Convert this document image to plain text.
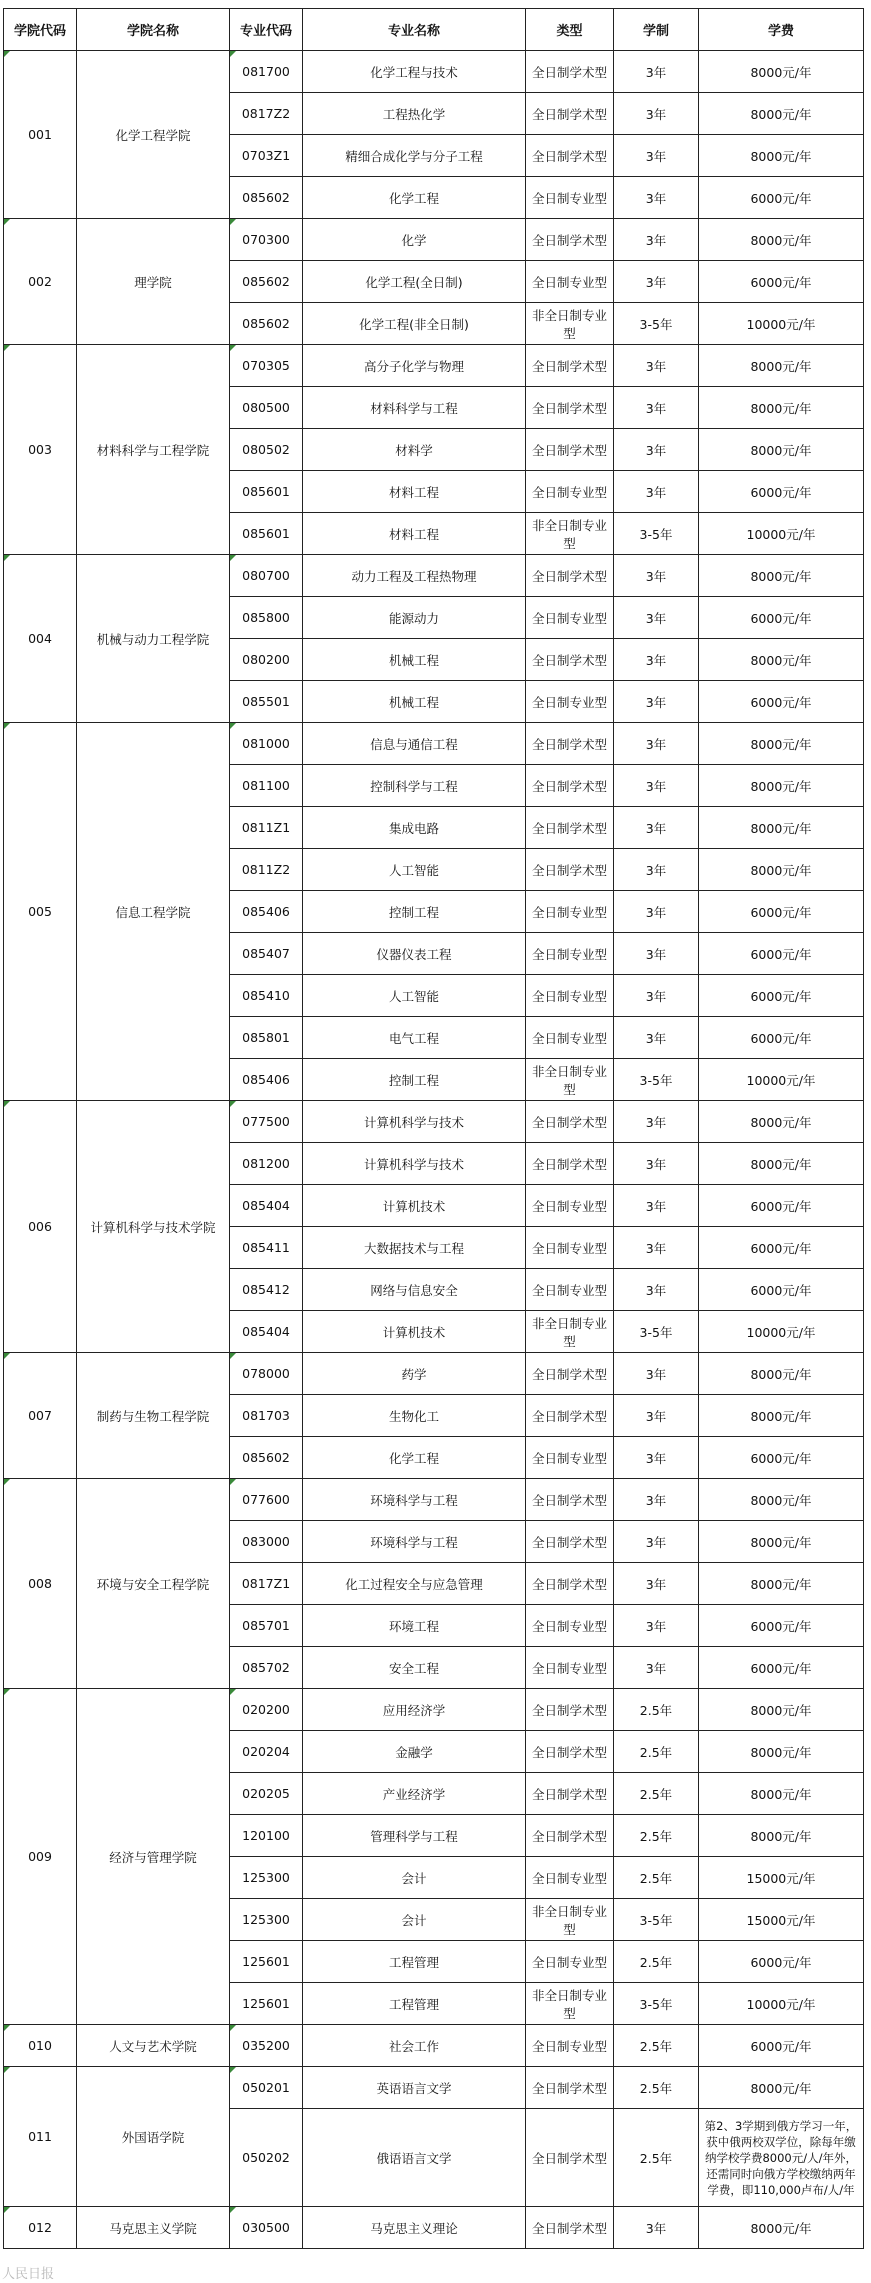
学院代码	学院名称	专业代码	专业名称	类型	学制	学费
001	化学工程学院	081700	化学工程与技术	全日制学术型	3年	8000元/年
		0817Z2	工程热化学	全日制学术型	3年	8000元/年
		0703Z1	精细合成化学与分子工程	全日制学术型	3年	8000元/年
		085602	化学工程	全日制专业型	3年	6000元/年
002	理学院	070300	化学	全日制学术型	3年	8000元/年
		085602	化学工程(全日制)	全日制专业型	3年	6000元/年
		085602	化学工程(非全日制)	非全日制专业型	3-5年	10000元/年
003	材料科学与工程学院	070305	高分子化学与物理	全日制学术型	3年	8000元/年
		080500	材料科学与工程	全日制学术型	3年	8000元/年
		080502	材料学	全日制学术型	3年	8000元/年
		085601	材料工程	全日制专业型	3年	6000元/年
		085601	材料工程	非全日制专业型	3-5年	10000元/年
004	机械与动力工程学院	080700	动力工程及工程热物理	全日制学术型	3年	8000元/年
		085800	能源动力	全日制专业型	3年	6000元/年
		080200	机械工程	全日制学术型	3年	8000元/年
		085501	机械工程	全日制专业型	3年	6000元/年
005	信息工程学院	081000	信息与通信工程	全日制学术型	3年	8000元/年
		081100	控制科学与工程	全日制学术型	3年	8000元/年
		0811Z1	集成电路	全日制学术型	3年	8000元/年
		0811Z2	人工智能	全日制学术型	3年	8000元/年
		085406	控制工程	全日制专业型	3年	6000元/年
		085407	仪器仪表工程	全日制专业型	3年	6000元/年
		085410	人工智能	全日制专业型	3年	6000元/年
		085801	电气工程	全日制专业型	3年	6000元/年
		085406	控制工程	非全日制专业型	3-5年	10000元/年
006	计算机科学与技术学院	077500	计算机科学与技术	全日制学术型	3年	8000元/年
		081200	计算机科学与技术	全日制学术型	3年	8000元/年
		085404	计算机技术	全日制专业型	3年	6000元/年
		085411	大数据技术与工程	全日制专业型	3年	6000元/年
		085412	网络与信息安全	全日制专业型	3年	6000元/年
		085404	计算机技术	非全日制专业型	3-5年	10000元/年
007	制药与生物工程学院	078000	药学	全日制学术型	3年	8000元/年
		081703	生物化工	全日制学术型	3年	8000元/年
		085602	化学工程	全日制专业型	3年	6000元/年
008	环境与安全工程学院	077600	环境科学与工程	全日制学术型	3年	8000元/年
		083000	环境科学与工程	全日制学术型	3年	8000元/年
		0817Z1	化工过程安全与应急管理	全日制学术型	3年	8000元/年
		085701	环境工程	全日制专业型	3年	6000元/年
		085702	安全工程	全日制专业型	3年	6000元/年
009	经济与管理学院	020200	应用经济学	全日制学术型	2.5年	8000元/年
		020204	金融学	全日制学术型	2.5年	8000元/年
		020205	产业经济学	全日制学术型	2.5年	8000元/年
		120100	管理科学与工程	全日制学术型	2.5年	8000元/年
		125300	会计	全日制专业型	2.5年	15000元/年
		125300	会计	非全日制专业型	3-5年	15000元/年
		125601	工程管理	全日制专业型	2.5年	6000元/年
		125601	工程管理	非全日制专业型	3-5年	10000元/年
010	人文与艺术学院	035200	社会工作	全日制专业型	2.5年	6000元/年
011	外国语学院	050201	英语语言文学	全日制学术型	2.5年	8000元/年
		050202	俄语语言文学	全日制学术型	2.5年	第2、3学期到俄方学习一年，获中俄两校双学位，除每年缴纳学校学费8000元/人/年外，还需同时向俄方学校缴纳两年学费，即110,000卢布/人/年
012	马克思主义学院	030500	马克思主义理论	全日制学术型	3年	8000元/年
人民日报
